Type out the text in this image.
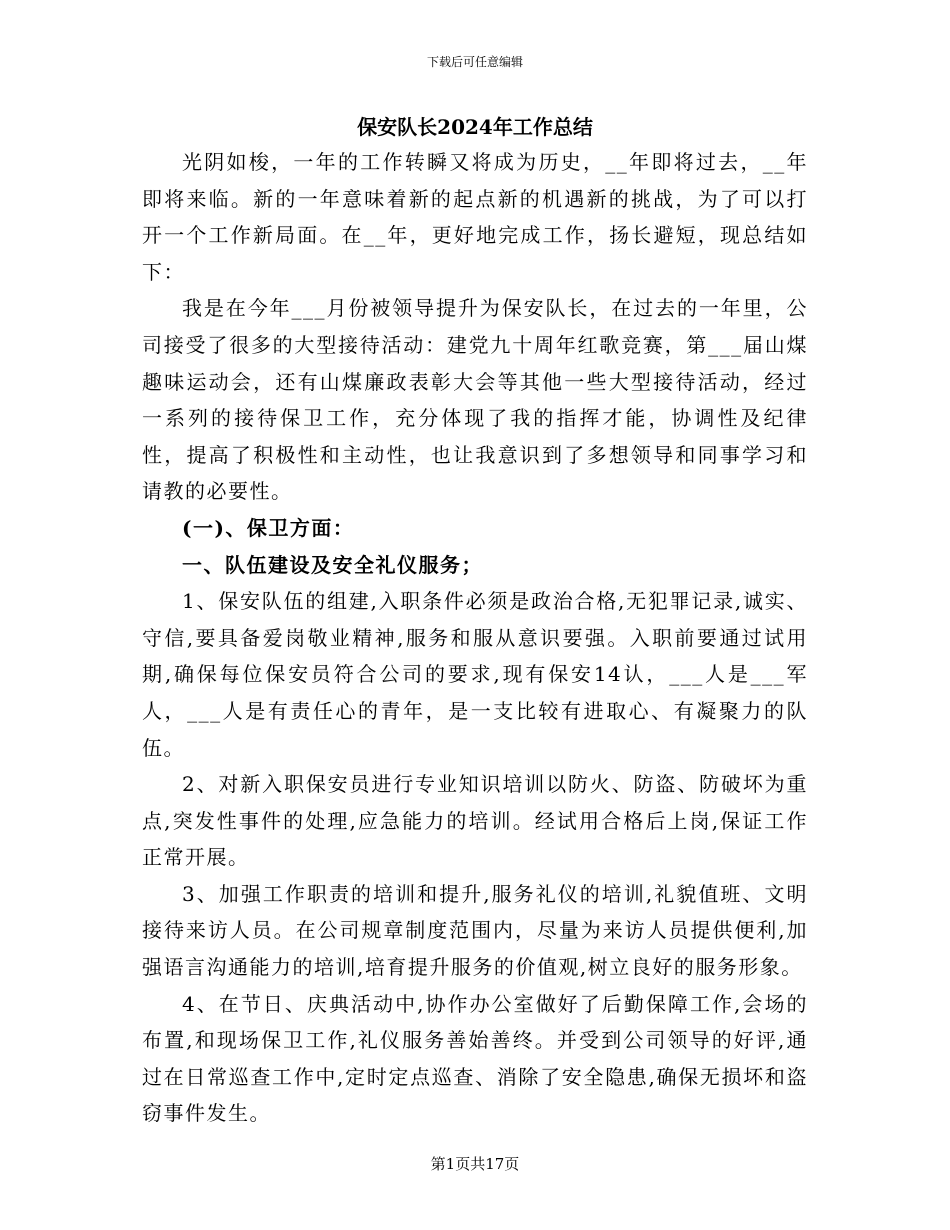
下载后可任意编辑
保安队长2024年工作总结

光阴如梭，一年的工作转瞬又将成为历史，__年即将过去，__年即将来临。新的一年意味着新的起点新的机遇新的挑战，为了可以打开一个工作新局面。在__年，更好地完成工作，扬长避短，现总结如下：

我是在今年___月份被领导提升为保安队长，在过去的一年里，公司接受了很多的大型接待活动：建党九十周年红歌竞赛，第___届山煤趣味运动会，还有山煤廉政表彰大会等其他一些大型接待活动，经过一系列的接待保卫工作，充分体现了我的指挥才能，协调性及纪律性，提高了积极性和主动性，也让我意识到了多想领导和同事学习和请教的必要性。

(一)、保卫方面：

一、队伍建设及安全礼仪服务；

1、保安队伍的组建,入职条件必须是政治合格,无犯罪记录,诚实、守信,要具备爱岗敬业精神,服务和服从意识要强。入职前要通过试用期,确保每位保安员符合公司的要求,现有保安14认，___人是___军人，___人是有责任心的青年，是一支比较有进取心、有凝聚力的队伍。

2、对新入职保安员进行专业知识培训以防火、防盗、防破坏为重点,突发性事件的处理,应急能力的培训。经试用合格后上岗,保证工作正常开展。

3、加强工作职责的培训和提升,服务礼仪的培训,礼貌值班、文明接待来访人员。在公司规章制度范围内，尽量为来访人员提供便利,加强语言沟通能力的培训,培育提升服务的价值观,树立良好的服务形象。

4、在节日、庆典活动中,协作办公室做好了后勤保障工作,会场的布置,和现场保卫工作,礼仪服务善始善终。并受到公司领导的好评,通过在日常巡查工作中,定时定点巡查、消除了安全隐患,确保无损坏和盗窃事件发生。

第1页共17页
